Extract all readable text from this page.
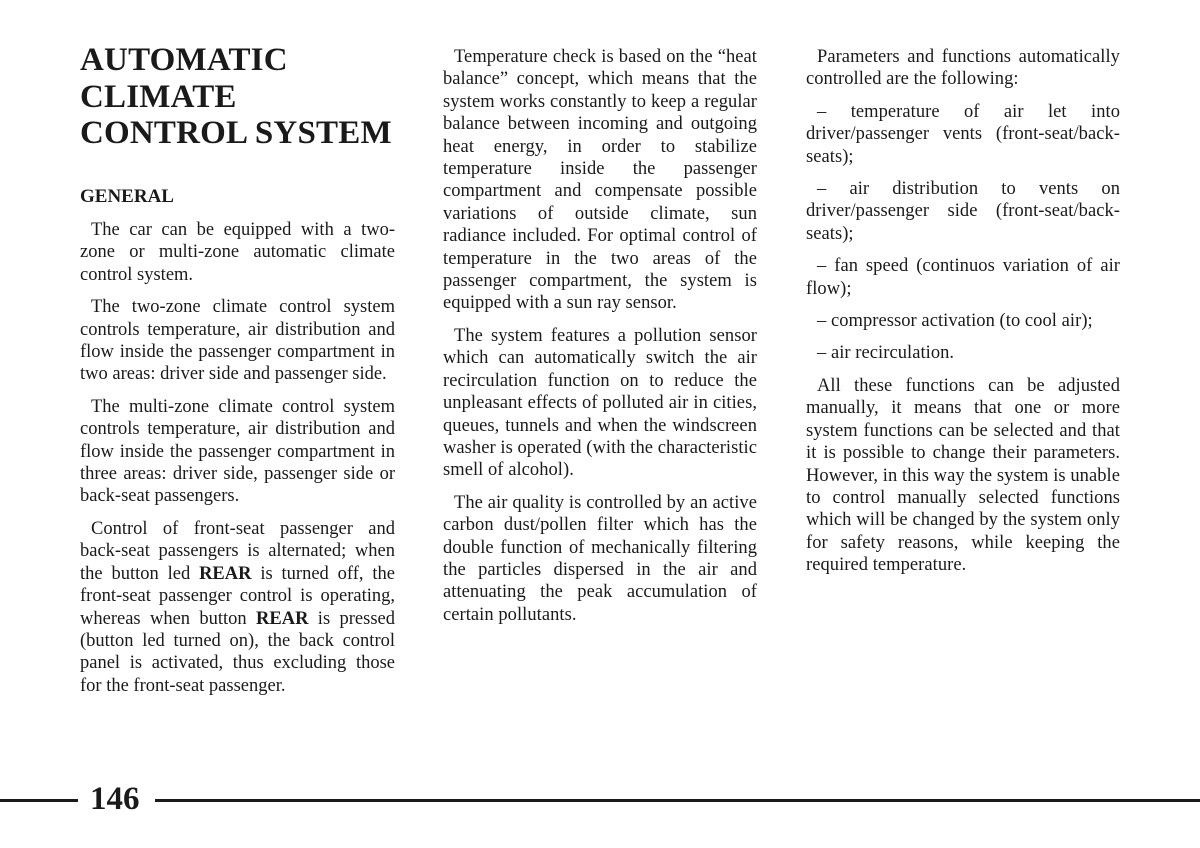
AUTOMATIC
CLIMATE
CONTROL SYSTEM
GENERAL

The car can be equipped with a two-zone or multi-zone automatic climate control system.

The two-zone climate control system controls temperature, air distribution and flow inside the passenger compartment in two areas: driver side and passenger side.

The multi-zone climate control system controls temperature, air distribution and flow inside the passenger compartment in three areas: driver side, passenger side or back-seat passengers.

Control of front-seat passenger and back-seat passengers is alternated; when the button led REAR is turned off, the front-seat passenger control is operating, whereas when button REAR is pressed (button led turned on), the back control panel is activated, thus excluding those for the front-seat passenger.

Temperature check is based on the “heat balance” concept, which means that the system works constantly to keep a regular balance between incoming and outgoing heat energy, in order to stabilize temperature inside the passenger compartment and compensate possible variations of outside climate, sun radiance included. For optimal control of temperature in the two areas of the passenger compartment, the system is equipped with a sun ray sensor.

The system features a pollution sensor which can automatically switch the air recirculation function on to reduce the unpleasant effects of polluted air in cities, queues, tunnels and when the windscreen washer is operated (with the characteristic smell of alcohol).

The air quality is controlled by an active carbon dust/pollen filter which has the double function of mechanically filtering the particles dispersed in the air and attenuating the peak accumulation of certain pollutants.

Parameters and functions automatically controlled are the following:

– temperature of air let into driver/passenger vents (front-seat/back-seats);

– air distribution to vents on driver/passenger side (front-seat/back-seats);

– fan speed (continuos variation of air flow);

– compressor activation (to cool air);

– air recirculation.

All these functions can be adjusted manually, it means that one or more system functions can be selected and that it is possible to change their parameters. However, in this way the system is unable to control manually selected functions which will be changed by the system only for safety reasons, while keeping the required temperature.

146
